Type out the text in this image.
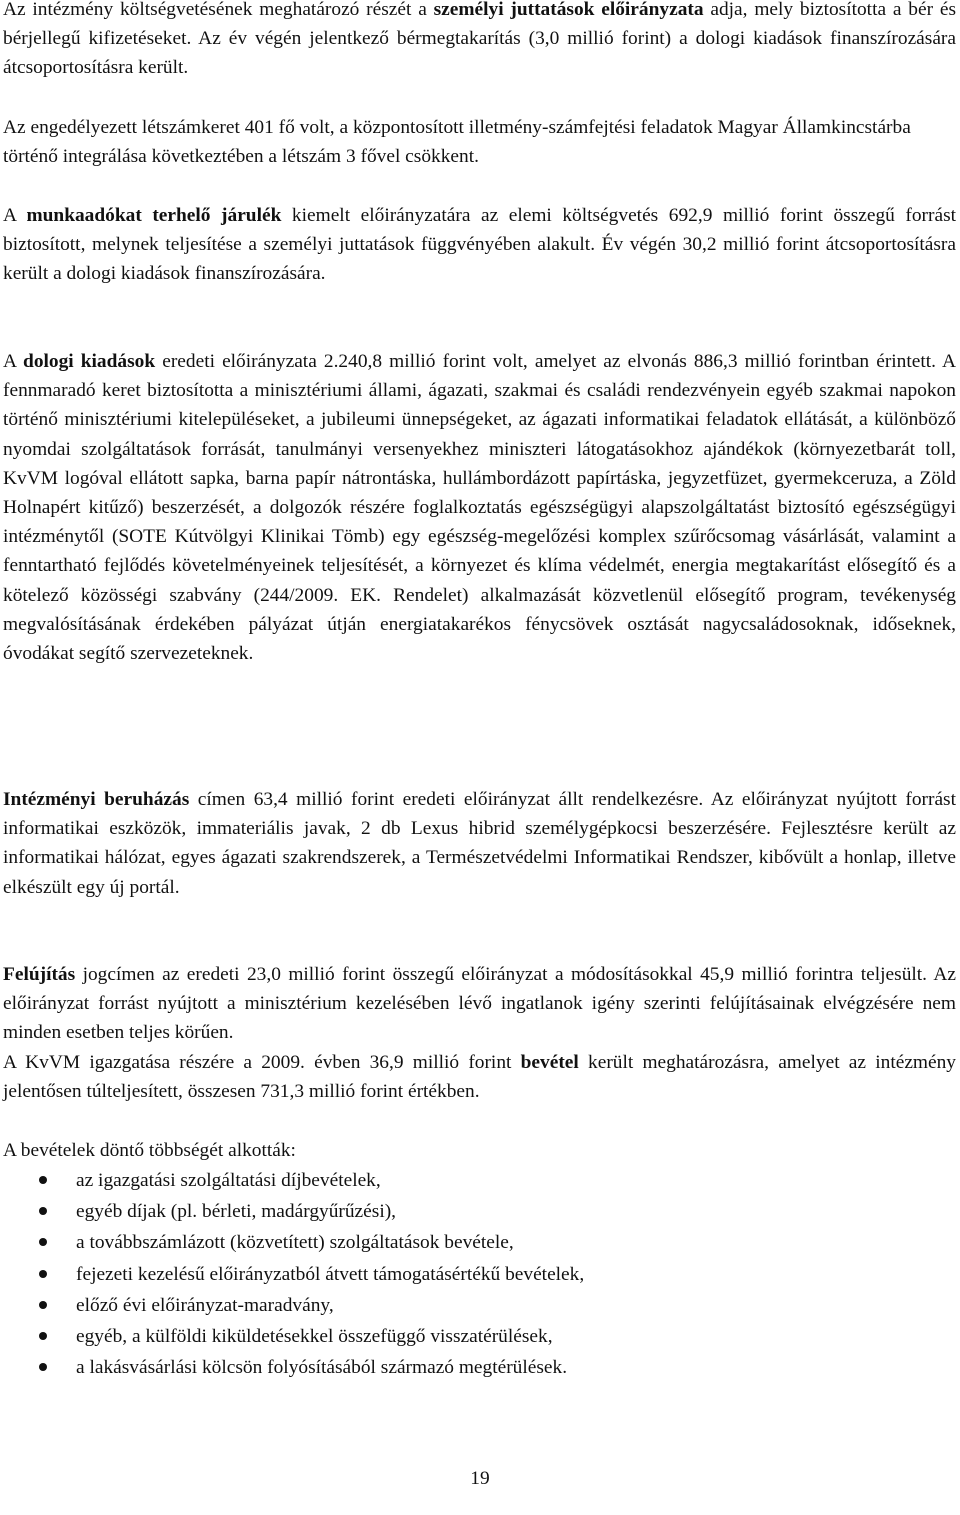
Az intézmény költségvetésének meghatározó részét a személyi juttatások előirányzata adja, mely biztosította a bér és bérjellegű kifizetéseket. Az év végén jelentkező bérmegtakarítás (3,0 millió forint) a dologi kiadások finanszírozására átcsoportosításra került.

Az engedélyezett létszámkeret 401 fő volt, a központosított illetmény-számfejtési feladatok Magyar Államkincstárba történő integrálása következtében a létszám 3 fővel csökkent.

A munkaadókat terhelő járulék kiemelt előirányzatára az elemi költségvetés 692,9 millió forint összegű forrást biztosított, melynek teljesítése a személyi juttatások függvényében alakult. Év végén 30,2 millió forint átcsoportosításra került a dologi kiadások finanszírozására.

A dologi kiadások eredeti előirányzata 2.240,8 millió forint volt, amelyet az elvonás 886,3 millió forintban érintett. A fennmaradó keret biztosította a minisztériumi állami, ágazati, szakmai és családi rendezvényein egyéb szakmai napokon történő minisztériumi kitelepüléseket, a jubileumi ünnepségeket, az ágazati informatikai feladatok ellátását, a különböző nyomdai szolgáltatások forrását, tanulmányi versenyekhez miniszteri látogatásokhoz ajándékok (környezetbarát toll, KvVM logóval ellátott sapka, barna papír nátrontáska, hullámbordázott papírtáska, jegyzetfüzet, gyermekceruza, a Zöld Holnapért kitűző) beszerzését, a dolgozók részére foglalkoztatás egészségügyi alapszolgáltatást biztosító egészségügyi intézménytől (SOTE Kútvölgyi Klinikai Tömb) egy egészség-megelőzési komplex szűrőcsomag vásárlását, valamint a fenntartható fejlődés követelményeinek teljesítését, a környezet és klíma védelmét, energia megtakarítást elősegítő és a kötelező közösségi szabvány (244/2009. EK. Rendelet) alkalmazását közvetlenül elősegítő program, tevékenység megvalósításának érdekében pályázat útján energiatakarékos fénycsövek osztását nagycsaládosoknak, időseknek, óvodákat segítő szervezeteknek.

Intézményi beruházás címen 63,4 millió forint eredeti előirányzat állt rendelkezésre. Az előirányzat nyújtott forrást informatikai eszközök, immateriális javak, 2 db Lexus hibrid személygépkocsi beszerzésére. Fejlesztésre került az informatikai hálózat, egyes ágazati szakrendszerek, a Természetvédelmi Informatikai Rendszer, kibővült a honlap, illetve elkészült egy új portál.

Felújítás jogcímen az eredeti 23,0 millió forint összegű előirányzat a módosításokkal 45,9 millió forintra teljesült. Az előirányzat forrást nyújtott a minisztérium kezelésében lévő ingatlanok igény szerinti felújításainak elvégzésére nem minden esetben teljes körűen.

A KvVM igazgatása részére a 2009. évben 36,9 millió forint bevétel került meghatározásra, amelyet az intézmény jelentősen túlteljesített, összesen 731,3 millió forint értékben.

A bevételek döntő többségét alkották:

az igazgatási szolgáltatási díjbevételek,
egyéb díjak (pl. bérleti, madárgyűrűzési),
a továbbszámlázott (közvetített) szolgáltatások bevétele,
fejezeti kezelésű előirányzatból átvett támogatásértékű bevételek,
előző évi előirányzat-maradvány,
egyéb, a külföldi kiküldetésekkel összefüggő visszatérülések,
a lakásvásárlási kölcsön folyósításából származó megtérülések.
19
